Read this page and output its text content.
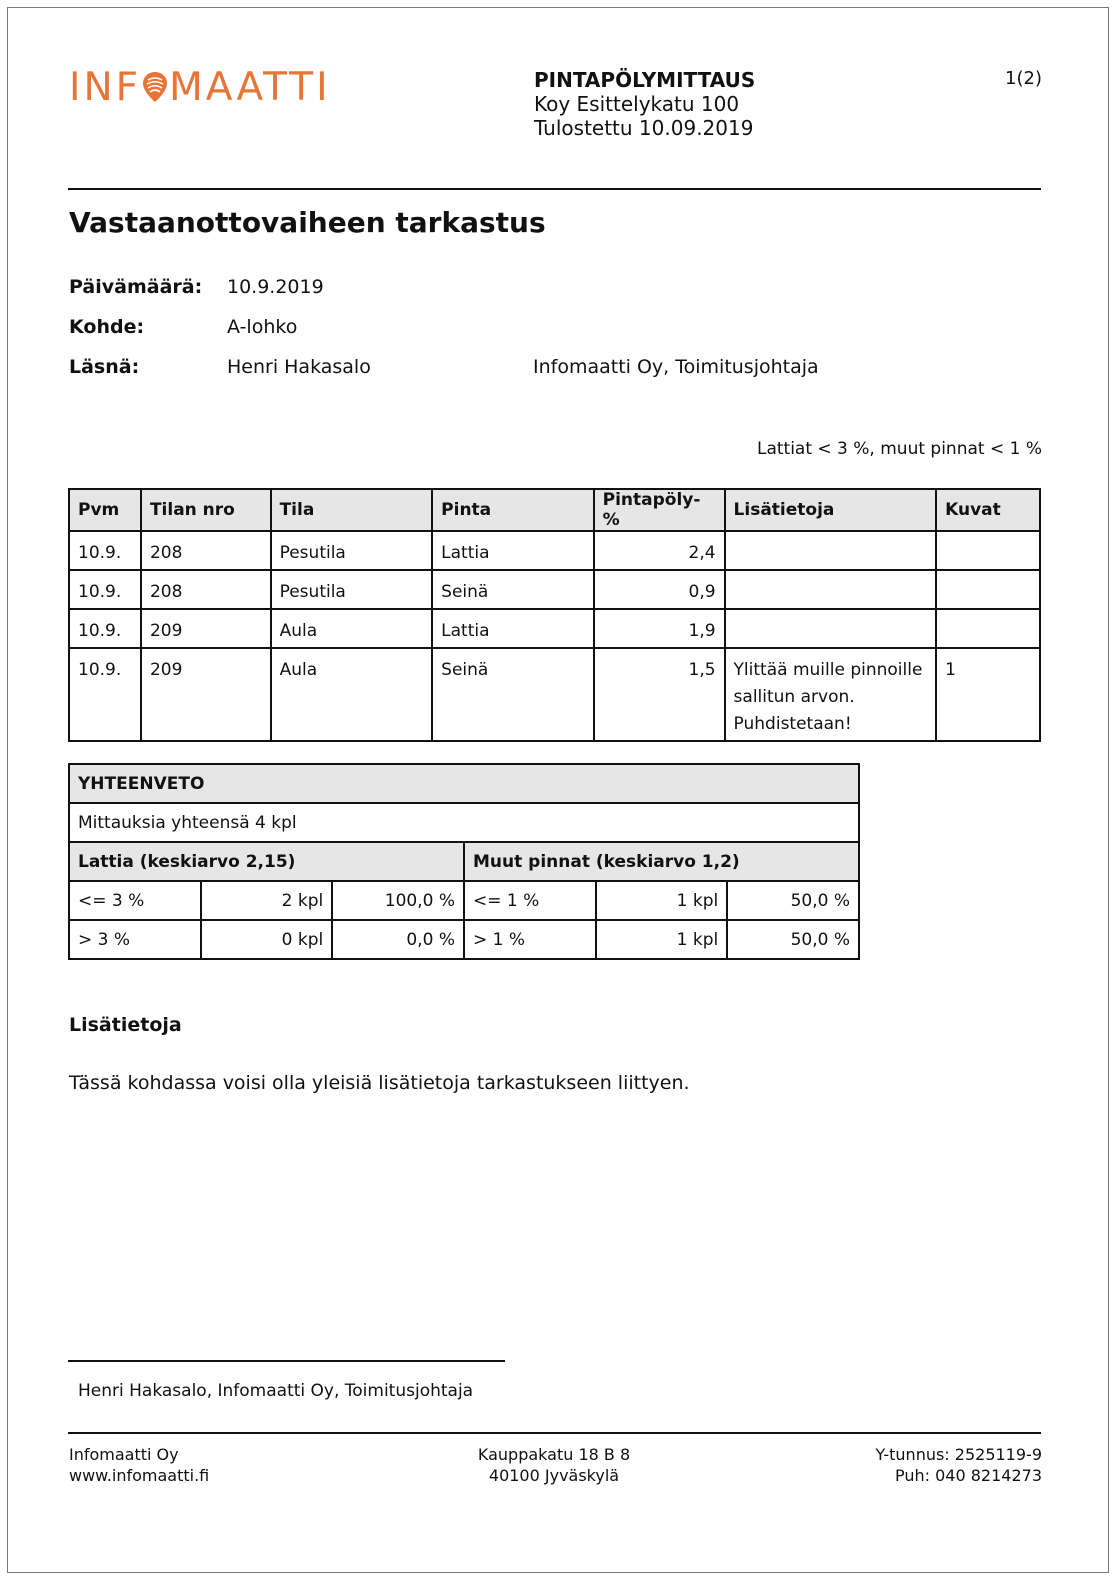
INF MAATTI	PINTAPÖLYMITTAUS
Koy Esittelykatu 100
Tulostettu 10.09.2019
1(2)
Vastaanottovaiheen tarkastus
Päivämäärä: 10.9.2019
Kohde:	A-lohko
Läsnä:	Henri Hakasalo	Infomaatti Oy, Toimitusjohtaja
Lattiat < 3 %, muut pinnat < 1 %
Pvm	Tilan nro	Tila	Pinta	Pintapöly-%	Lisätietoja	Kuvat
10.9.	208	Pesutila	Lattia	2,4		
10.9.	208	Pesutila	Seinä	0,9		
10.9.	209	Aula	Lattia	1,9		
10.9.	209	Aula	Seinä	1,5	Ylittää muille pinnoille sallitun arvon. Puhdistetaan!	1
YHTEENVETO					
Mittauksia yhteensä 4 kpl					
Lattia (keskiarvo 2,15)			Muut pinnat (keskiarvo 1,2)		
<= 3 %	2 kpl	100,0 %	<= 1 %	1 kpl	50,0 %
> 3 %	0 kpl	0,0 %	> 1 %	1 kpl	50,0 %
Lisätietoja
Tässä kohdassa voisi olla yleisiä lisätietoja tarkastukseen liittyen.
Henri Hakasalo, Infomaatti Oy, Toimitusjohtaja
Infomaatti Oy
www.infomaatti.fi
Kauppakatu 18 B 8
40100 Jyväskylä
Y-tunnus: 2525119-9
Puh: 040 8214273
